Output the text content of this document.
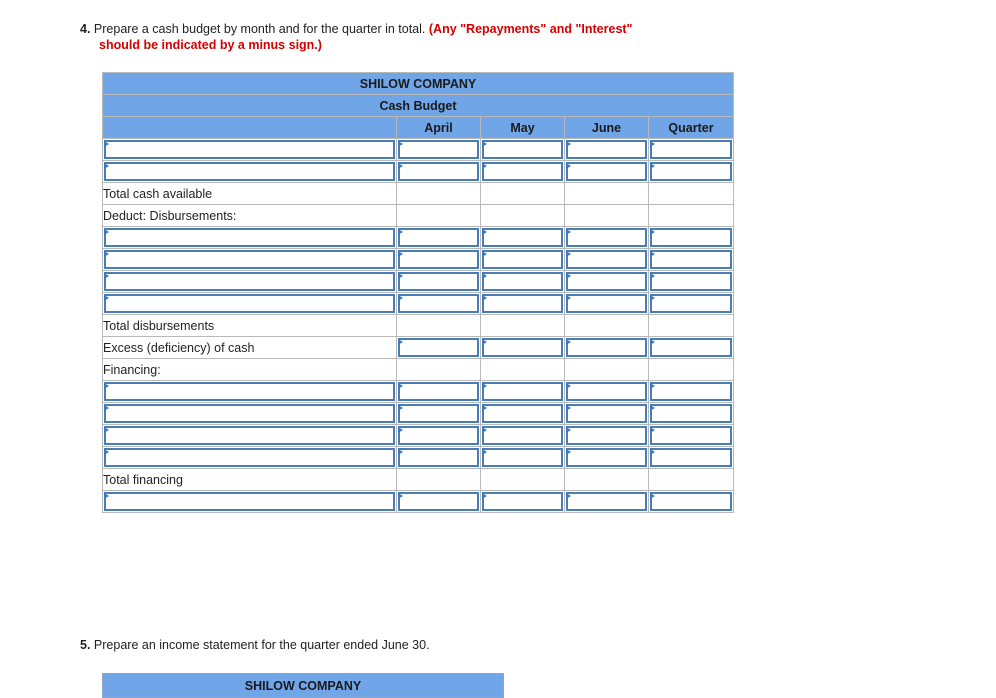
4. Prepare a cash budget by month and for the quarter in total. (Any "Repayments" and "Interest"
should be indicated by a minus sign.)
SHILOW COMPANY				
Cash Budget				
	April	May	June	Quarter

Total cash available				
Deduct: Disbursements:				

Total disbursements				
Excess (deficiency) of cash	

Financing:				

Total financing				

5. Prepare an income statement for the quarter ended June 30.
SHILOW COMPANY
